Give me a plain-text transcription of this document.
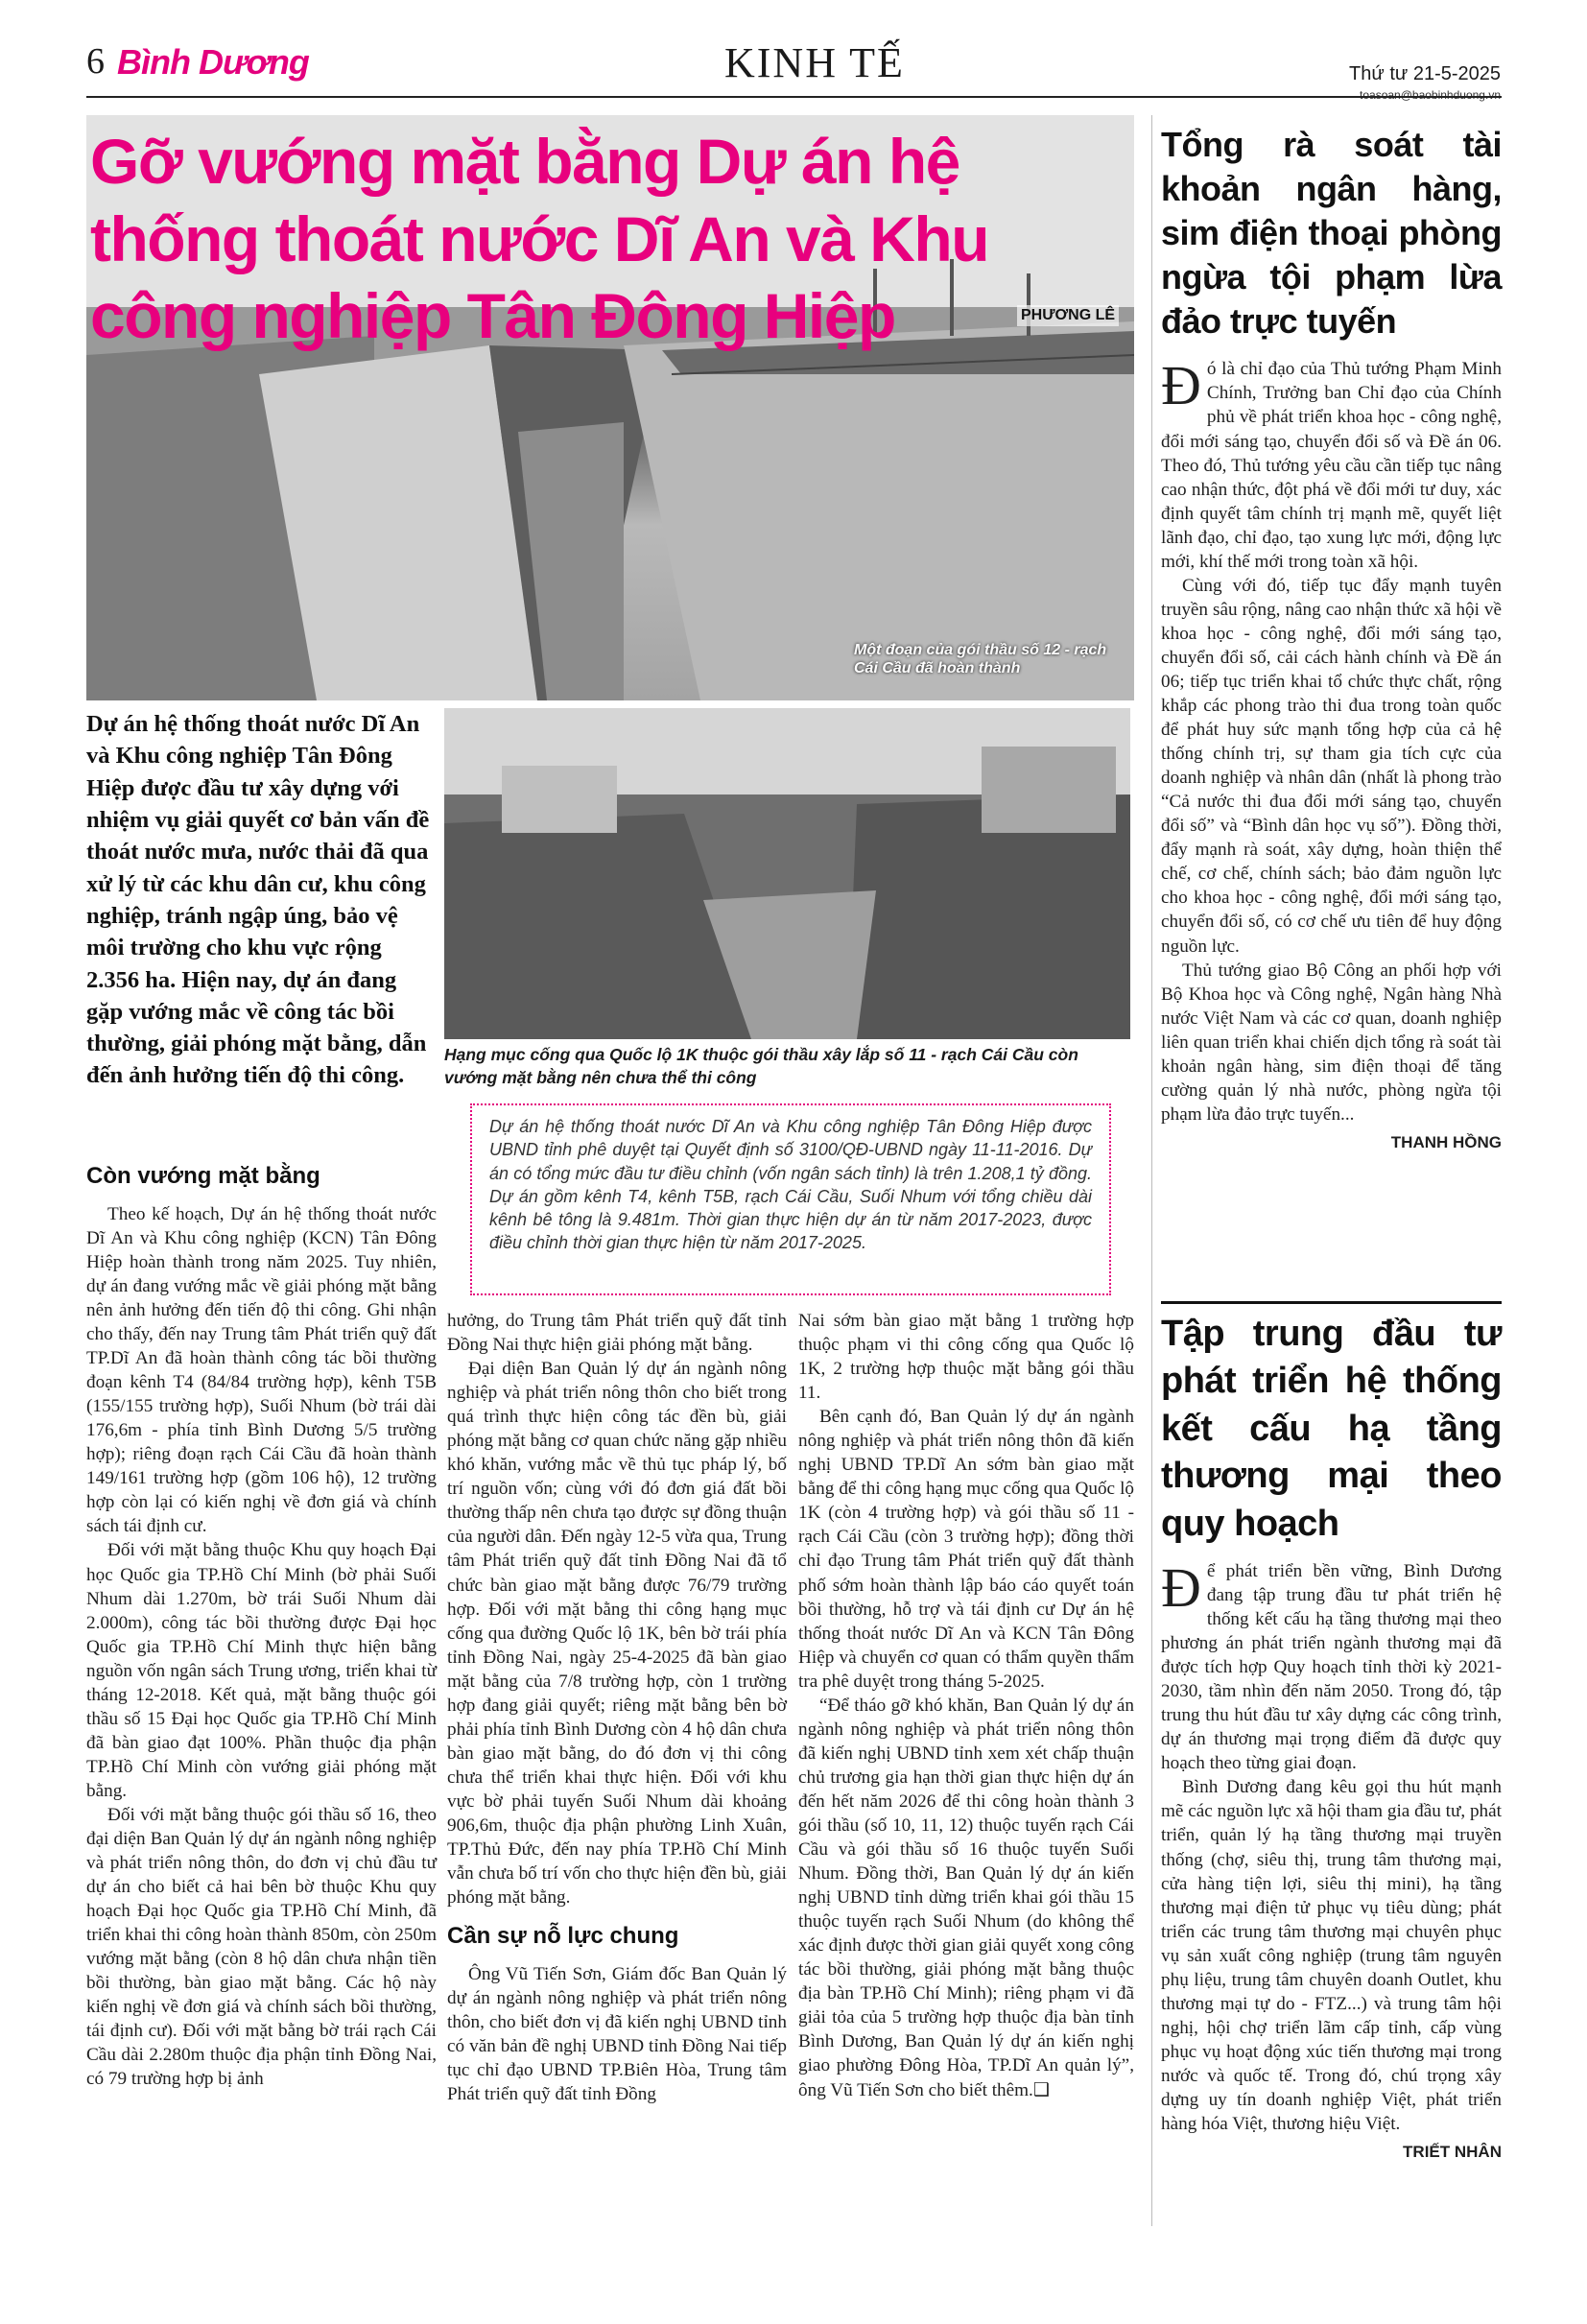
6 Bình Dương	KINH TẾ	Thứ tư 21-5-2025
toasoan@baobinhduong.vn
Gỡ vướng mặt bằng Dự án hệ thống thoát nước Dĩ An và Khu công nghiệp Tân Đông Hiệp	PHƯƠNG LÊ
Một đoạn của gói thầu số 12 - rạch Cái Cầu đã hoàn thành
Dự án hệ thống thoát nước Dĩ An và Khu công nghiệp Tân Đông Hiệp được đầu tư xây dựng với nhiệm vụ giải quyết cơ bản vấn đề thoát nước mưa, nước thải đã qua xử lý từ các khu dân cư, khu công nghiệp, tránh ngập úng, bảo vệ môi trường cho khu vực rộng 2.356 ha. Hiện nay, dự án đang gặp vướng mắc về công tác bồi thường, giải phóng mặt bằng, dẫn đến ảnh hưởng tiến độ thi công.
Hạng mục cống qua Quốc lộ 1K thuộc gói thầu xây lắp số 11 - rạch Cái Cầu còn vướng mặt bằng nên chưa thể thi công
Dự án hệ thống thoát nước Dĩ An và Khu công nghiệp Tân Đông Hiệp được UBND tỉnh phê duyệt tại Quyết định số 3100/QĐ-UBND ngày 11-11-2016. Dự án có tổng mức đầu tư điều chỉnh (vốn ngân sách tỉnh) là trên 1.208,1 tỷ đồng. Dự án gồm kênh T4, kênh T5B, rạch Cái Cầu, Suối Nhum với tổng chiều dài kênh bê tông là 9.481m. Thời gian thực hiện dự án từ năm 2017-2023, được điều chỉnh thời gian thực hiện từ năm 2017-2025.
Còn vướng mặt bằng

Theo kế hoạch, Dự án hệ thống thoát nước Dĩ An và Khu công nghiệp (KCN) Tân Đông Hiệp hoàn thành trong năm 2025. Tuy nhiên, dự án đang vướng mắc về giải phóng mặt bằng nên ảnh hưởng đến tiến độ thi công. Ghi nhận cho thấy, đến nay Trung tâm Phát triển quỹ đất TP.Dĩ An đã hoàn thành công tác bồi thường đoạn kênh T4 (84/84 trường hợp), kênh T5B (155/155 trường hợp), Suối Nhum (bờ trái dài 176,6m - phía tỉnh Bình Dương 5/5 trường hợp); riêng đoạn rạch Cái Cầu đã hoàn thành 149/161 trường hợp (gồm 106 hộ), 12 trường hợp còn lại có kiến nghị về đơn giá và chính sách tái định cư.

Đối với mặt bằng thuộc Khu quy hoạch Đại học Quốc gia TP.Hồ Chí Minh (bờ phải Suối Nhum dài 1.270m, bờ trái Suối Nhum dài 2.000m), công tác bồi thường được Đại học Quốc gia TP.Hồ Chí Minh thực hiện bằng nguồn vốn ngân sách Trung ương, triển khai từ tháng 12-2018. Kết quả, mặt bằng thuộc gói thầu số 15 Đại học Quốc gia TP.Hồ Chí Minh đã bàn giao đạt 100%. Phần thuộc địa phận TP.Hồ Chí Minh còn vướng giải phóng mặt bằng.

Đối với mặt bằng thuộc gói thầu số 16, theo đại diện Ban Quản lý dự án ngành nông nghiệp và phát triển nông thôn, do đơn vị chủ đầu tư dự án cho biết cả hai bên bờ thuộc Khu quy hoạch Đại học Quốc gia TP.Hồ Chí Minh, đã triển khai thi công hoàn thành 850m, còn 250m vướng mặt bằng (còn 8 hộ dân chưa nhận tiền bồi thường, bàn giao mặt bằng. Các hộ này kiến nghị về đơn giá và chính sách bồi thường, tái định cư). Đối với mặt bằng bờ trái rạch Cái Cầu dài 2.280m thuộc địa phận tỉnh Đồng Nai, có 79 trường hợp bị ảnh

hưởng, do Trung tâm Phát triển quỹ đất tỉnh Đồng Nai thực hiện giải phóng mặt bằng.

Đại diện Ban Quản lý dự án ngành nông nghiệp và phát triển nông thôn cho biết trong quá trình thực hiện công tác đền bù, giải phóng mặt bằng cơ quan chức năng gặp nhiều khó khăn, vướng mắc về thủ tục pháp lý, bố trí nguồn vốn; cùng với đó đơn giá đất bồi thường thấp nên chưa tạo được sự đồng thuận của người dân. Đến ngày 12-5 vừa qua, Trung tâm Phát triển quỹ đất tỉnh Đồng Nai đã tổ chức bàn giao mặt bằng được 76/79 trường hợp. Đối với mặt bằng thi công hạng mục cống qua đường Quốc lộ 1K, bên bờ trái phía tỉnh Đồng Nai, ngày 25-4-2025 đã bàn giao mặt bằng của 7/8 trường hợp, còn 1 trường hợp đang giải quyết; riêng mặt bằng bên bờ phải phía tỉnh Bình Dương còn 4 hộ dân chưa bàn giao mặt bằng, do đó đơn vị thi công chưa thể triển khai thực hiện. Đối với khu vực bờ phải tuyến Suối Nhum dài khoảng 906,6m, thuộc địa phận phường Linh Xuân, TP.Thủ Đức, đến nay phía TP.Hồ Chí Minh vẫn chưa bố trí vốn cho thực hiện đền bù, giải phóng mặt bằng.

Cần sự nỗ lực chung

Ông Vũ Tiến Sơn, Giám đốc Ban Quản lý dự án ngành nông nghiệp và phát triển nông thôn, cho biết đơn vị đã kiến nghị UBND tỉnh có văn bản đề nghị UBND tỉnh Đồng Nai tiếp tục chỉ đạo UBND TP.Biên Hòa, Trung tâm Phát triển quỹ đất tỉnh Đồng

Nai sớm bàn giao mặt bằng 1 trường hợp thuộc phạm vi thi công cống qua Quốc lộ 1K, 2 trường hợp thuộc mặt bằng gói thầu 11.

Bên cạnh đó, Ban Quản lý dự án ngành nông nghiệp và phát triển nông thôn đã kiến nghị UBND TP.Dĩ An sớm bàn giao mặt bằng để thi công hạng mục cống qua Quốc lộ 1K (còn 4 trường hợp) và gói thầu số 11 - rạch Cái Cầu (còn 3 trường hợp); đồng thời chỉ đạo Trung tâm Phát triển quỹ đất thành phố sớm hoàn thành lập báo cáo quyết toán bồi thường, hỗ trợ và tái định cư Dự án hệ thống thoát nước Dĩ An và KCN Tân Đông Hiệp và chuyển cơ quan có thẩm quyền thẩm tra phê duyệt trong tháng 5-2025.

“Để tháo gỡ khó khăn, Ban Quản lý dự án ngành nông nghiệp và phát triển nông thôn đã kiến nghị UBND tỉnh xem xét chấp thuận chủ trương gia hạn thời gian thực hiện dự án đến hết năm 2026 để thi công hoàn thành 3 gói thầu (số 10, 11, 12) thuộc tuyến rạch Cái Cầu và gói thầu số 16 thuộc tuyến Suối Nhum. Đồng thời, Ban Quản lý dự án kiến nghị UBND tỉnh dừng triển khai gói thầu 15 thuộc tuyến rạch Suối Nhum (do không thể xác định được thời gian giải quyết xong công tác bồi thường, giải phóng mặt bằng thuộc địa bàn TP.Hồ Chí Minh); riêng phạm vi đã giải tỏa của 5 trường hợp thuộc địa bàn tỉnh Bình Dương, Ban Quản lý dự án kiến nghị giao phường Đông Hòa, TP.Dĩ An quản lý”, ông Vũ Tiến Sơn cho biết thêm.❑

Tổng rà soát tài khoản ngân hàng, sim điện thoại phòng ngừa tội phạm lừa đảo trực tuyến

Đó là chỉ đạo của Thủ tướng Phạm Minh Chính, Trưởng ban Chỉ đạo của Chính phủ về phát triển khoa học - công nghệ, đổi mới sáng tạo, chuyển đổi số và Đề án 06. Theo đó, Thủ tướng yêu cầu cần tiếp tục nâng cao nhận thức, đột phá về đổi mới tư duy, xác định quyết tâm chính trị mạnh mẽ, quyết liệt lãnh đạo, chỉ đạo, tạo xung lực mới, động lực mới, khí thế mới trong toàn xã hội.

Cùng với đó, tiếp tục đẩy mạnh tuyên truyền sâu rộng, nâng cao nhận thức xã hội về khoa học - công nghệ, đổi mới sáng tạo, chuyển đổi số, cải cách hành chính và Đề án 06; tiếp tục triển khai tổ chức thực chất, rộng khắp các phong trào thi đua trong toàn quốc để phát huy sức mạnh tổng hợp của cả hệ thống chính trị, sự tham gia tích cực của doanh nghiệp và nhân dân (nhất là phong trào “Cả nước thi đua đổi mới sáng tạo, chuyển đổi số” và “Bình dân học vụ số”). Đồng thời, đẩy mạnh rà soát, xây dựng, hoàn thiện thể chế, cơ chế, chính sách; bảo đảm nguồn lực cho khoa học - công nghệ, đổi mới sáng tạo, chuyển đổi số, có cơ chế ưu tiên để huy động nguồn lực.

Thủ tướng giao Bộ Công an phối hợp với Bộ Khoa học và Công nghệ, Ngân hàng Nhà nước Việt Nam và các cơ quan, doanh nghiệp liên quan triển khai chiến dịch tổng rà soát tài khoản ngân hàng, sim điện thoại để tăng cường quản lý nhà nước, phòng ngừa tội phạm lừa đảo trực tuyến...

THANH HỒNG

Tập trung đầu tư phát triển hệ thống kết cấu hạ tầng thương mại theo quy hoạch

Để phát triển bền vững, Bình Dương đang tập trung đầu tư phát triển hệ thống kết cấu hạ tầng thương mại theo phương án phát triển ngành thương mại đã được tích hợp Quy hoạch tỉnh thời kỳ 2021-2030, tầm nhìn đến năm 2050. Trong đó, tập trung thu hút đầu tư xây dựng các công trình, dự án thương mại trọng điểm đã được quy hoạch theo từng giai đoạn.

Bình Dương đang kêu gọi thu hút mạnh mẽ các nguồn lực xã hội tham gia đầu tư, phát triển, quản lý hạ tầng thương mại truyền thống (chợ, siêu thị, trung tâm thương mại, cửa hàng tiện lợi, siêu thị mini), hạ tầng thương mại điện tử phục vụ tiêu dùng; phát triển các trung tâm thương mại chuyên phục vụ sản xuất công nghiệp (trung tâm nguyên phụ liệu, trung tâm chuyên doanh Outlet, khu thương mại tự do - FTZ...) và trung tâm hội nghị, hội chợ triển lãm cấp tỉnh, cấp vùng phục vụ hoạt động xúc tiến thương mại trong nước và quốc tế. Trong đó, chú trọng xây dựng uy tín doanh nghiệp Việt, phát triển hàng hóa Việt, thương hiệu Việt.

TRIẾT NHÂN
